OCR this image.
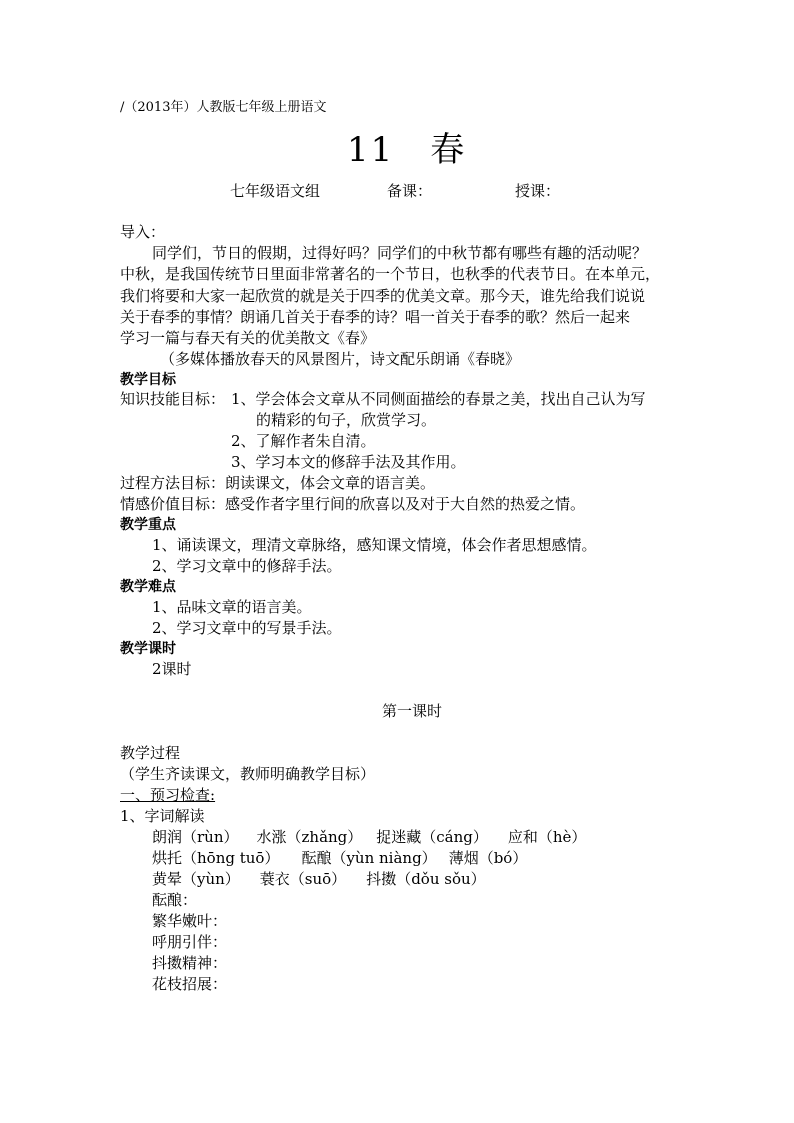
/（2013年）人教版七年级上册语文
11　春
七年级语文组	备课：	授课：
导入：
同学们，节日的假期，过得好吗？同学们的中秋节都有哪些有趣的活动呢？
中秋，是我国传统节日里面非常著名的一个节日，也秋季的代表节日。在本单元，
我们将要和大家一起欣赏的就是关于四季的优美文章。那今天，谁先给我们说说
关于春季的事情？朗诵几首关于春季的诗？唱一首关于春季的歌？然后一起来
学习一篇与春天有关的优美散文《春》
（多媒体播放春天的风景图片，诗文配乐朗诵《春晓》
教学目标
知识技能目标： 1、学会体会文章从不同侧面描绘的春景之美，找出自己认为写
的精彩的句子，欣赏学习。
2、了解作者朱自清。
3、学习本文的修辞手法及其作用。
过程方法目标：朗读课文，体会文章的语言美。
情感价值目标：感受作者字里行间的欣喜以及对于大自然的热爱之情。
教学重点
1、诵读课文，理清文章脉络，感知课文情境，体会作者思想感情。
2、学习文章中的修辞手法。
教学难点
1、品味文章的语言美。
2、学习文章中的写景手法。
教学课时
2课时
第一课时
教学过程
（学生齐读课文，教师明确教学目标）
一、预习检查:
1、字词解读
朗润（rùn） 水涨（zhǎng） 捉迷藏（cáng） 应和（hè）
烘托（hōng tuō） 酝酿（yùn niàng） 薄烟（bó）
黄晕（yùn） 蓑衣（suō） 抖擞（dǒu sǒu）
酝酿：
繁华嫩叶：
呼朋引伴：
抖擞精神：
花枝招展：
